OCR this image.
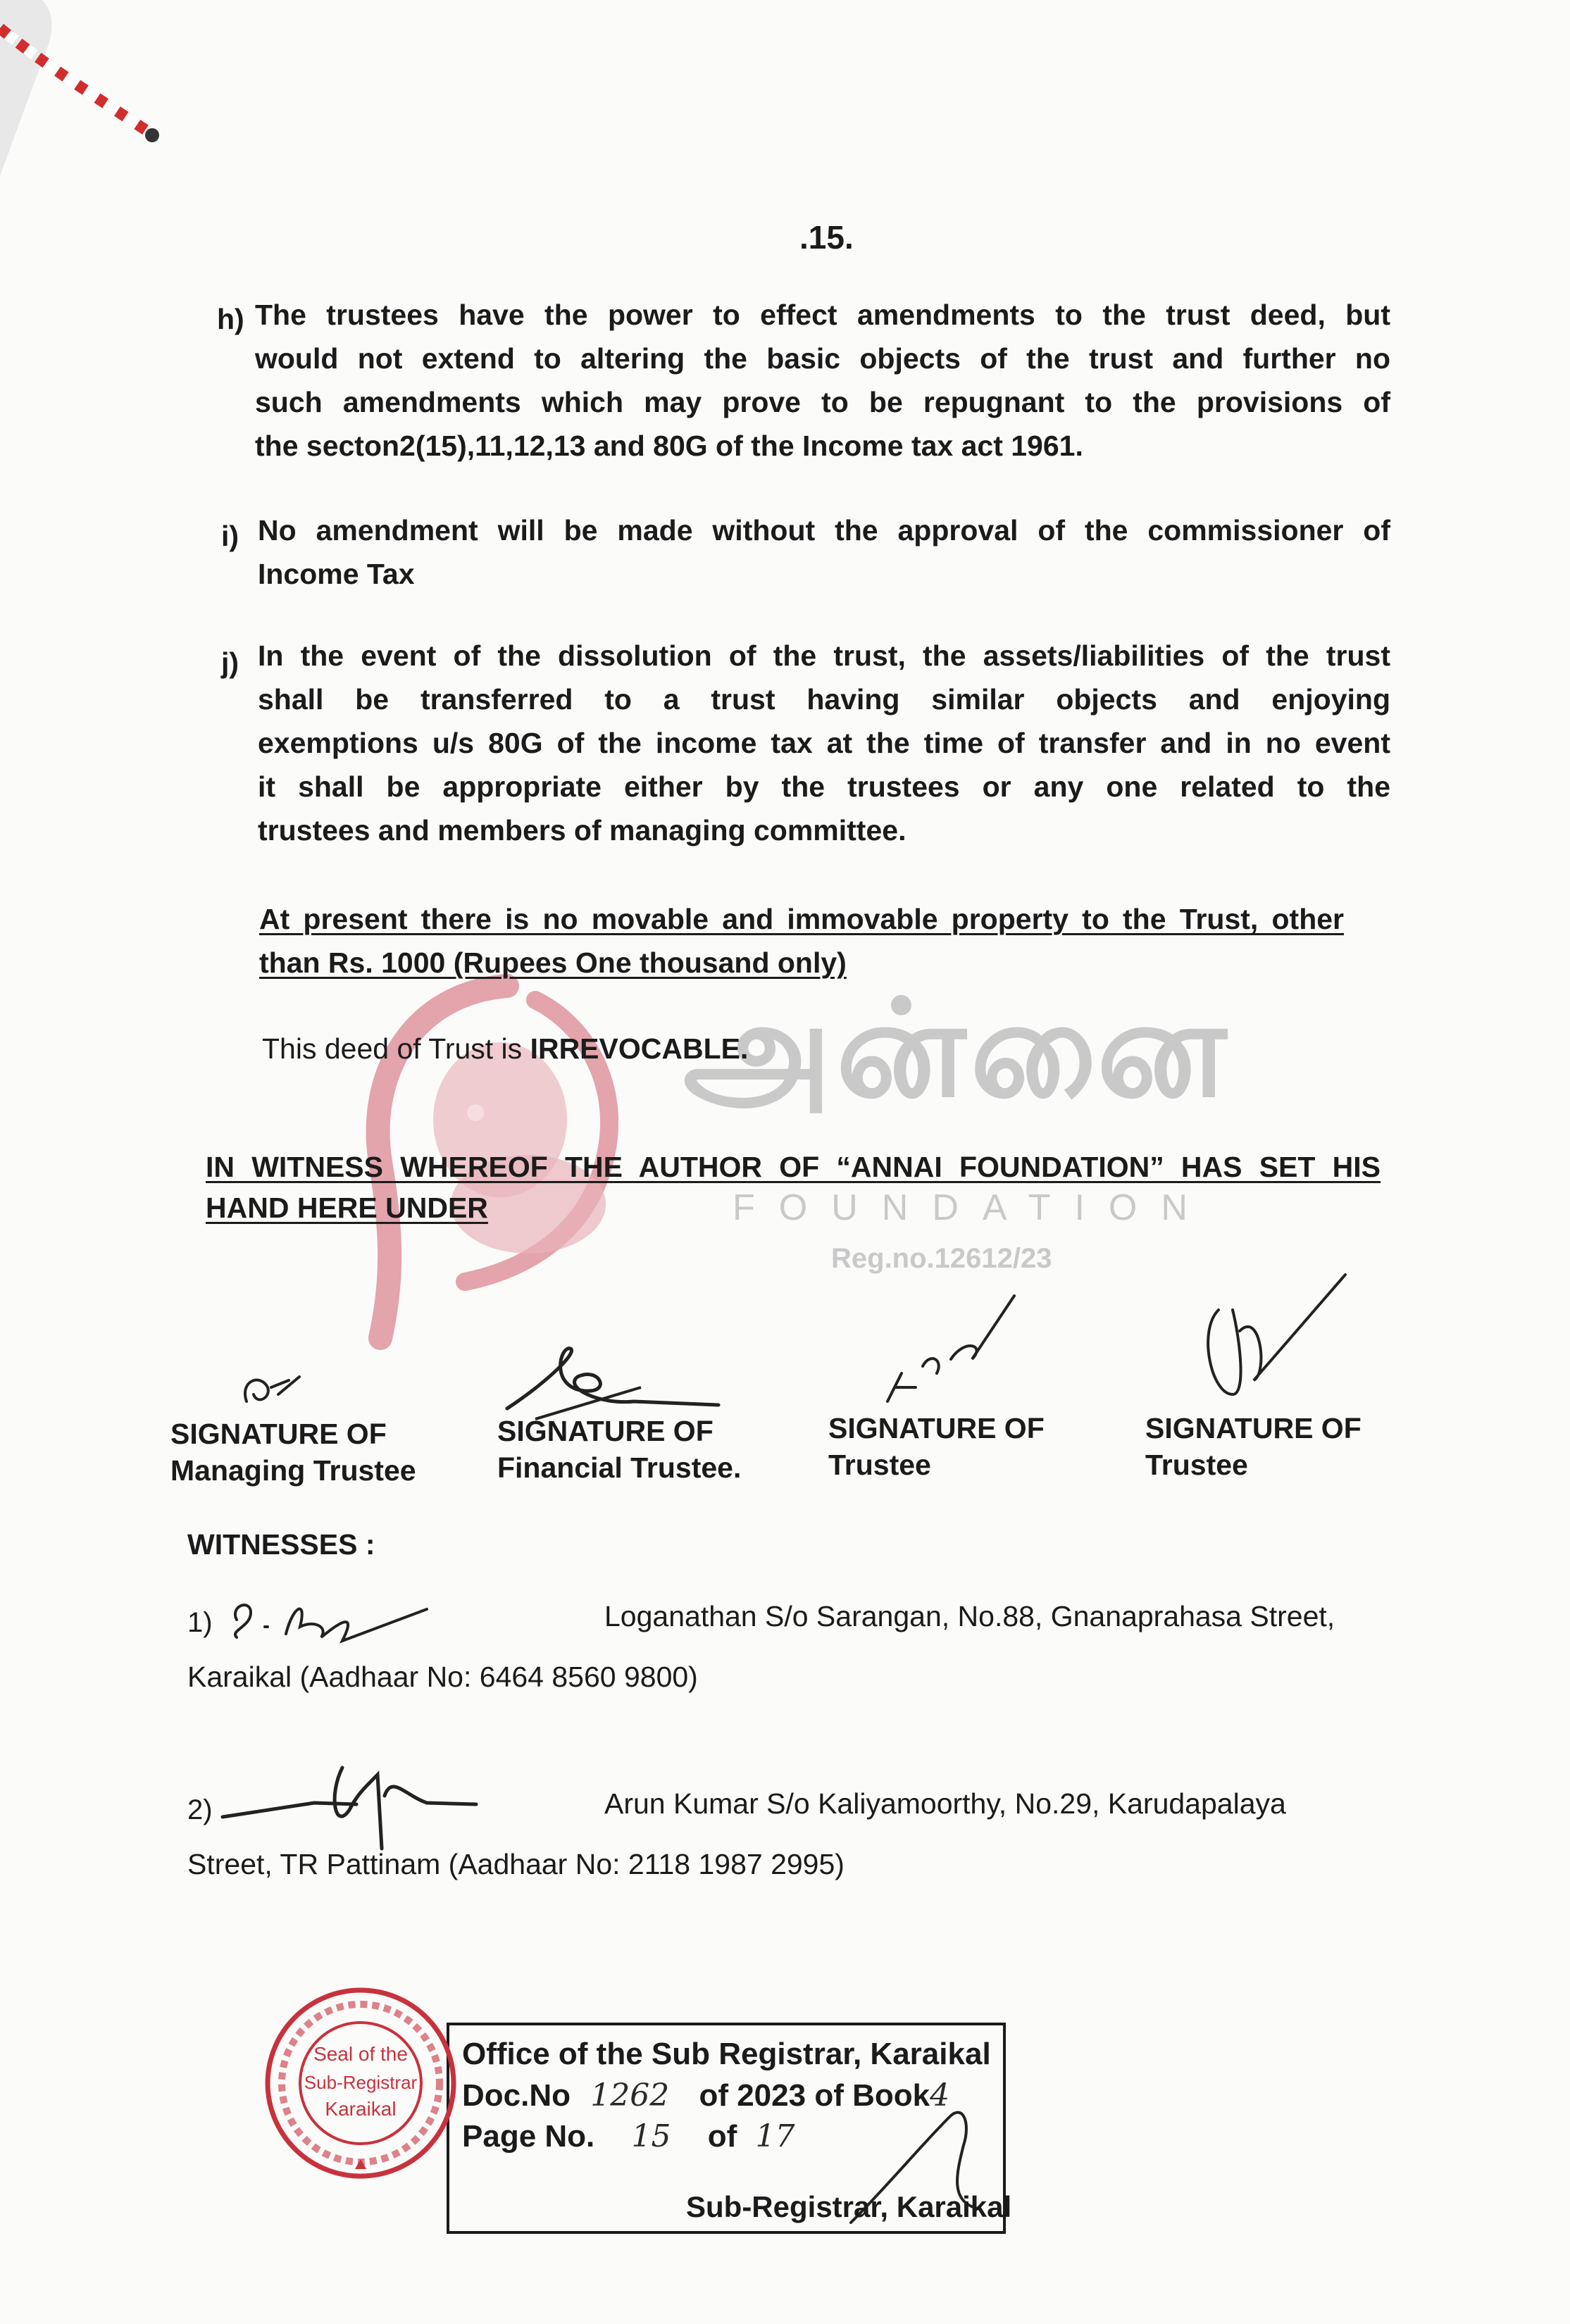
அன்னை
FOUNDATION
Reg.no.12612/23
.15.
h) The trustees have the power to effect amendments to the trust deed, but
would not extend to altering the basic objects of the trust and further no
such amendments which may prove to be repugnant to the provisions of
the secton2(15),11,12,13 and 80G of the Income tax act 1961.
i) No amendment will be made without the approval of the commissioner of
Income Tax
j) In the event of the dissolution of the trust, the assets/liabilities of the trust
shall be transferred to a trust having similar objects and enjoying
exemptions u/s 80G of the income tax at the time of transfer and in no event
it shall be appropriate either by the trustees or any one related to the
trustees and members of managing committee.
At present there is no movable and immovable property to the Trust, other
than Rs. 1000 (Rupees One thousand only)
This deed of Trust is IRREVOCABLE.
IN WITNESS WHEREOF THE AUTHOR OF “ANNAI FOUNDATION” HAS SET HIS
HAND HERE UNDER
SIGNATURE OF
Managing Trustee
SIGNATURE OF
Financial Trustee.
SIGNATURE OF
Trustee
SIGNATURE OF
Trustee
WITNESSES :
1)	Loganathan S/o Sarangan, No.88, Gnanaprahasa Street,
Karaikal (Aadhaar No: 6464 8560 9800)
2)	Arun Kumar S/o Kaliyamoorthy, No.29, Karudapalaya
Street, TR Pattinam (Aadhaar No: 2118 1987 2995)
Office of the Sub Registrar, Karaikal
Doc.No 1262 of 2023 of Book4
Page No. 15 of 17
Sub-Registrar, Karaikal
Seal of the
Sub-Registrar
Karaikal
